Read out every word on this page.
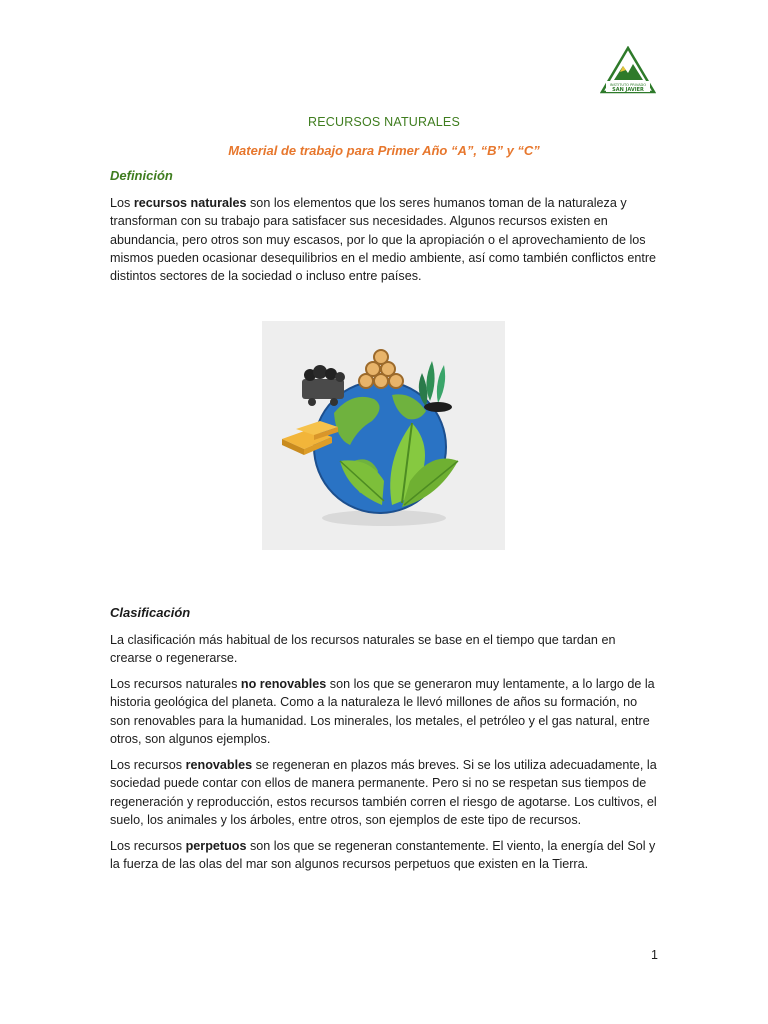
INSTITUTO PRIVADO
SAN JAVIER
RECURSOS NATURALES
Material de trabajo para Primer Año “A”, “B” y “C”
Definición

Los recursos naturales son los elementos que los seres humanos toman de la naturaleza y transforman con su trabajo para satisfacer sus necesidades. Algunos recursos existen en abundancia, pero otros son muy escasos, por lo que la apropiación o el aprovechamiento de los mismos pueden ocasionar desequilibrios en el medio ambiente, así como también conflictos entre distintos sectores de la sociedad o incluso entre países.

Clasificación

La clasificación más habitual de los recursos naturales se base en el tiempo que tardan en crearse o regenerarse.

Los recursos naturales no renovables son los que se generaron muy lentamente, a lo largo de la historia geológica del planeta. Como a la naturaleza le llevó millones de años su formación, no son renovables para la humanidad. Los minerales, los metales, el petróleo y el gas natural, entre otros, son algunos ejemplos.

Los recursos renovables se regeneran en plazos más breves. Si se los utiliza adecuadamente, la sociedad puede contar con ellos de manera permanente. Pero si no se respetan sus tiempos de regeneración y reproducción, estos recursos también corren el riesgo de agotarse. Los cultivos, el suelo, los animales y los árboles, entre otros, son ejemplos de este tipo de recursos.

Los recursos perpetuos son los que se regeneran constantemente. El viento, la energía del Sol y la fuerza de las olas del mar son algunos recursos perpetuos que existen en la Tierra.

1
